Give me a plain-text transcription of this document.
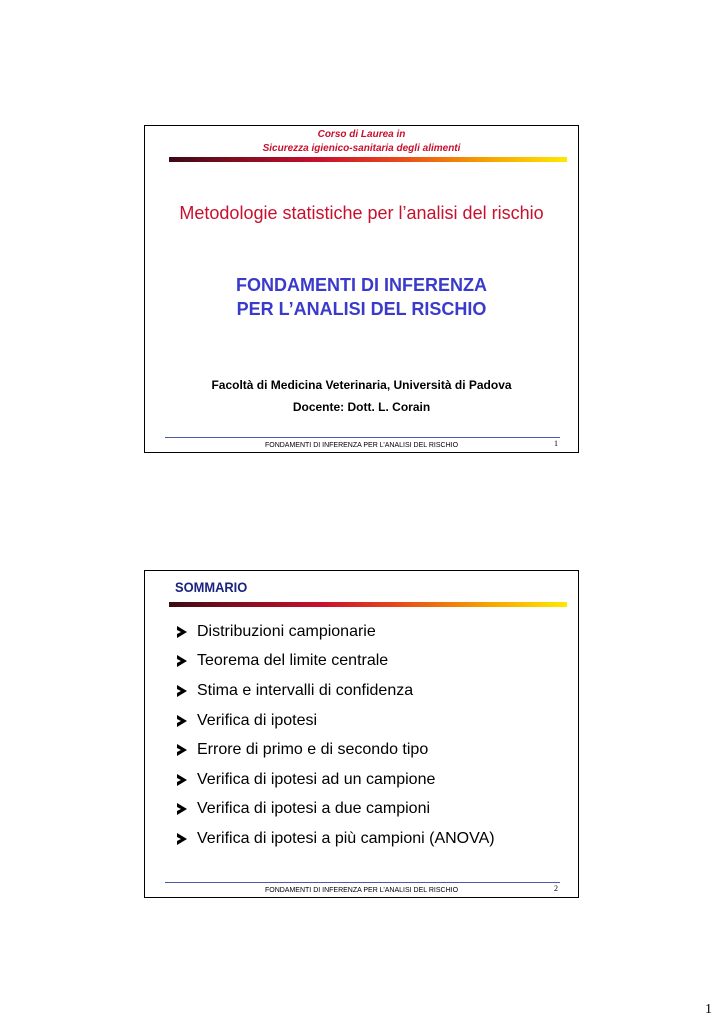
Corso di Laurea in
Sicurezza igienico-sanitaria degli alimenti
Metodologie statistiche per l’analisi del rischio
FONDAMENTI DI INFERENZA
PER L’ANALISI DEL RISCHIO
Facoltà di Medicina Veterinaria, Università di Padova
Docente: Dott. L. Corain
FONDAMENTI DI INFERENZA PER L’ANALISI DEL RISCHIO	1
SOMMARIO
Distribuzioni campionarie
Teorema del limite centrale
Stima e intervalli di confidenza
Verifica di ipotesi
Errore di primo e di secondo tipo
Verifica di ipotesi ad un campione
Verifica di ipotesi a due campioni
Verifica di ipotesi a più campioni (ANOVA)
FONDAMENTI DI INFERENZA PER L’ANALISI DEL RISCHIO	2
1
